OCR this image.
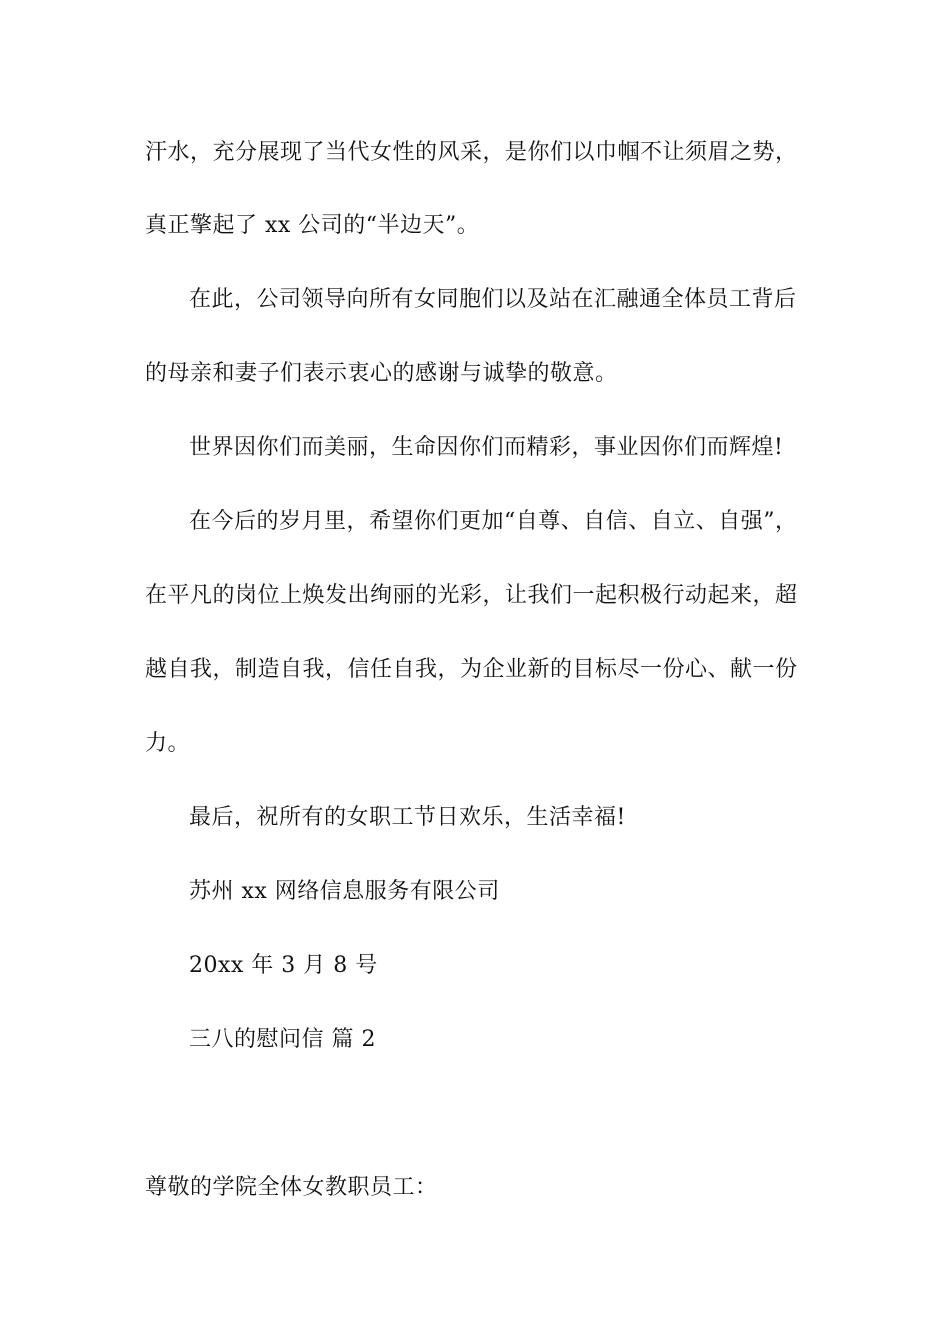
汗水，充分展现了当代女性的风采，是你们以巾帼不让须眉之势，
真正擎起了 xx 公司的“半边天”。
在此，公司领导向所有女同胞们以及站在汇融通全体员工背后
的母亲和妻子们表示衷心的感谢与诚挚的敬意。
世界因你们而美丽，生命因你们而精彩，事业因你们而辉煌!
在今后的岁月里，希望你们更加“自尊、自信、自立、自强”，
在平凡的岗位上焕发出绚丽的光彩，让我们一起积极行动起来，超
越自我，制造自我，信任自我，为企业新的目标尽一份心、献一份
力。
最后，祝所有的女职工节日欢乐，生活幸福!
苏州 xx 网络信息服务有限公司
20xx 年 3 月 8 号
三八的慰问信 篇 2
尊敬的学院全体女教职员工：
